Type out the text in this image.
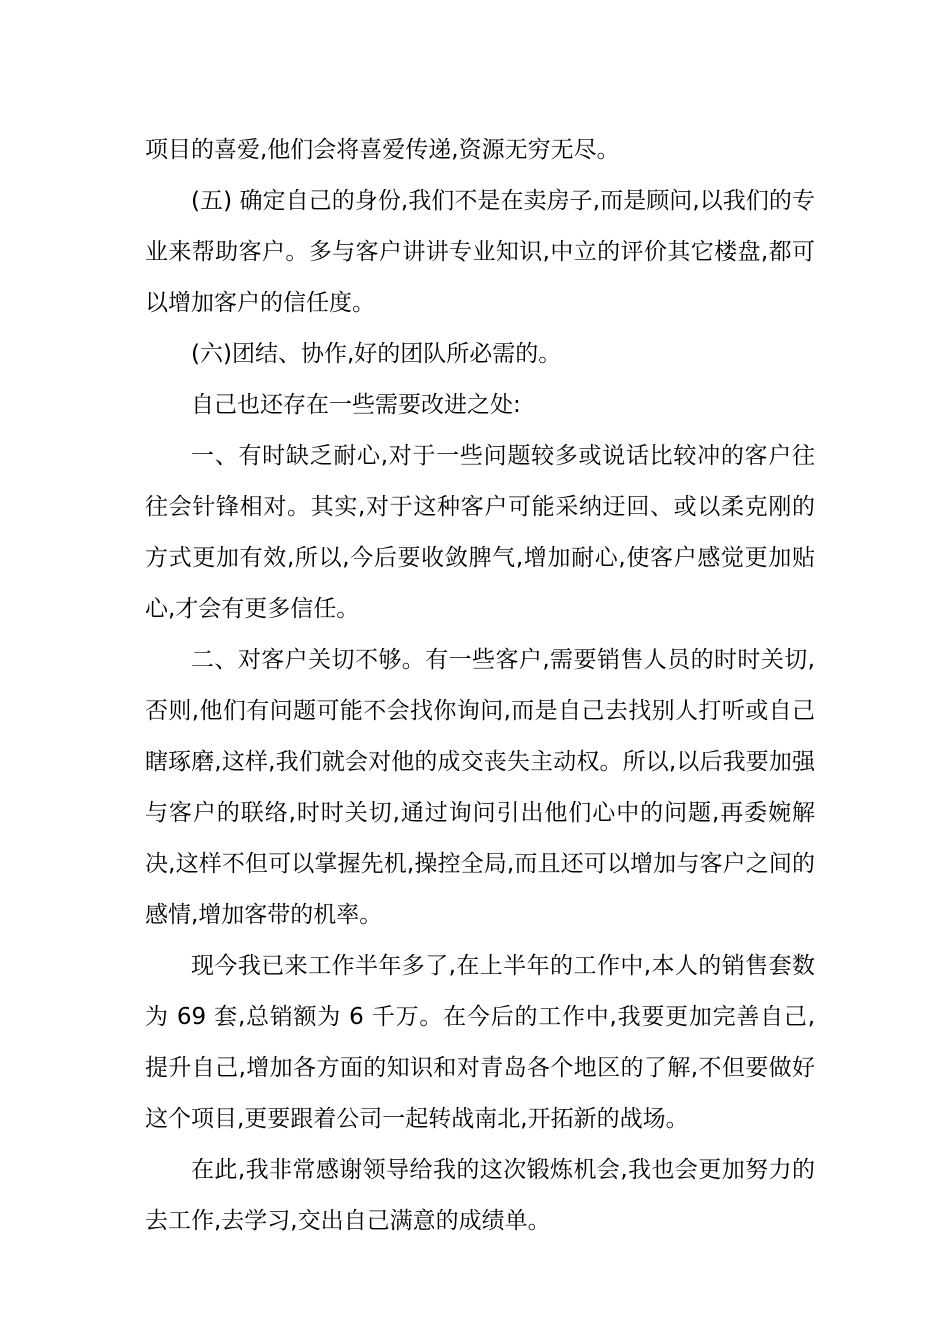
项目的喜爱,他们会将喜爱传递,资源无穷无尽。

(五) 确定自己的身份,我们不是在卖房子,而是顾问,以我们的专业来帮助客户。多与客户讲讲专业知识,中立的评价其它楼盘,都可以增加客户的信任度。

(六)团结、协作,好的团队所必需的。

自己也还存在一些需要改进之处:

一、有时缺乏耐心,对于一些问题较多或说话比较冲的客户往往会针锋相对。其实,对于这种客户可能采纳迂回、或以柔克刚的方式更加有效,所以,今后要收敛脾气,增加耐心,使客户感觉更加贴心,才会有更多信任。

二、对客户关切不够。有一些客户,需要销售人员的时时关切,否则,他们有问题可能不会找你询问,而是自己去找别人打听或自己瞎琢磨,这样,我们就会对他的成交丧失主动权。所以,以后我要加强与客户的联络,时时关切,通过询问引出他们心中的问题,再委婉解决,这样不但可以掌握先机,操控全局,而且还可以增加与客户之间的感情,增加客带的机率。

现今我已来工作半年多了,在上半年的工作中,本人的销售套数为 69 套,总销额为 6 千万。在今后的工作中,我要更加完善自己,提升自己,增加各方面的知识和对青岛各个地区的了解,不但要做好这个项目,更要跟着公司一起转战南北,开拓新的战场。

在此,我非常感谢领导给我的这次锻炼机会,我也会更加努力的去工作,去学习,交出自己满意的成绩单。
